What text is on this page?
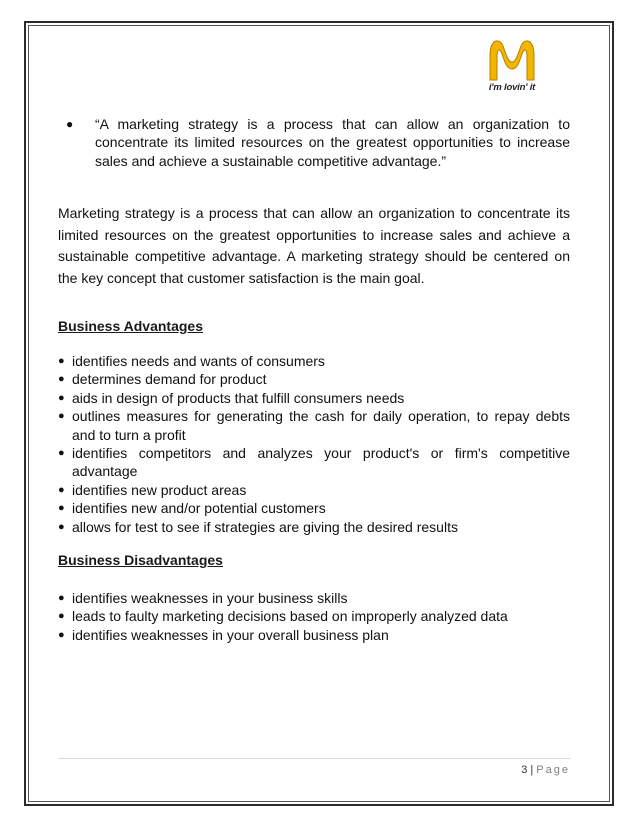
i'm lovin' it
● “A marketing strategy is a process that can allow an organization to concentrate its limited resources on the greatest opportunities to increase sales and achieve a sustainable competitive advantage.”
Marketing strategy is a process that can allow an organization to concentrate its limited resources on the greatest opportunities to increase sales and achieve a sustainable competitive advantage. A marketing strategy should be centered on the key concept that customer satisfaction is the main goal.
Business Advantages
● identifies needs and wants of consumers
● determines demand for product
● aids in design of products that fulfill consumers needs
● outlines measures for generating the cash for daily operation, to repay debts and to turn a profit
● identifies competitors and analyzes your product's or firm's competitive advantage
● identifies new product areas
● identifies new and/or potential customers
● allows for test to see if strategies are giving the desired results
Business Disadvantages
● identifies weaknesses in your business skills
● leads to faulty marketing decisions based on improperly analyzed data
● identifies weaknesses in your overall business plan
3 | Page
